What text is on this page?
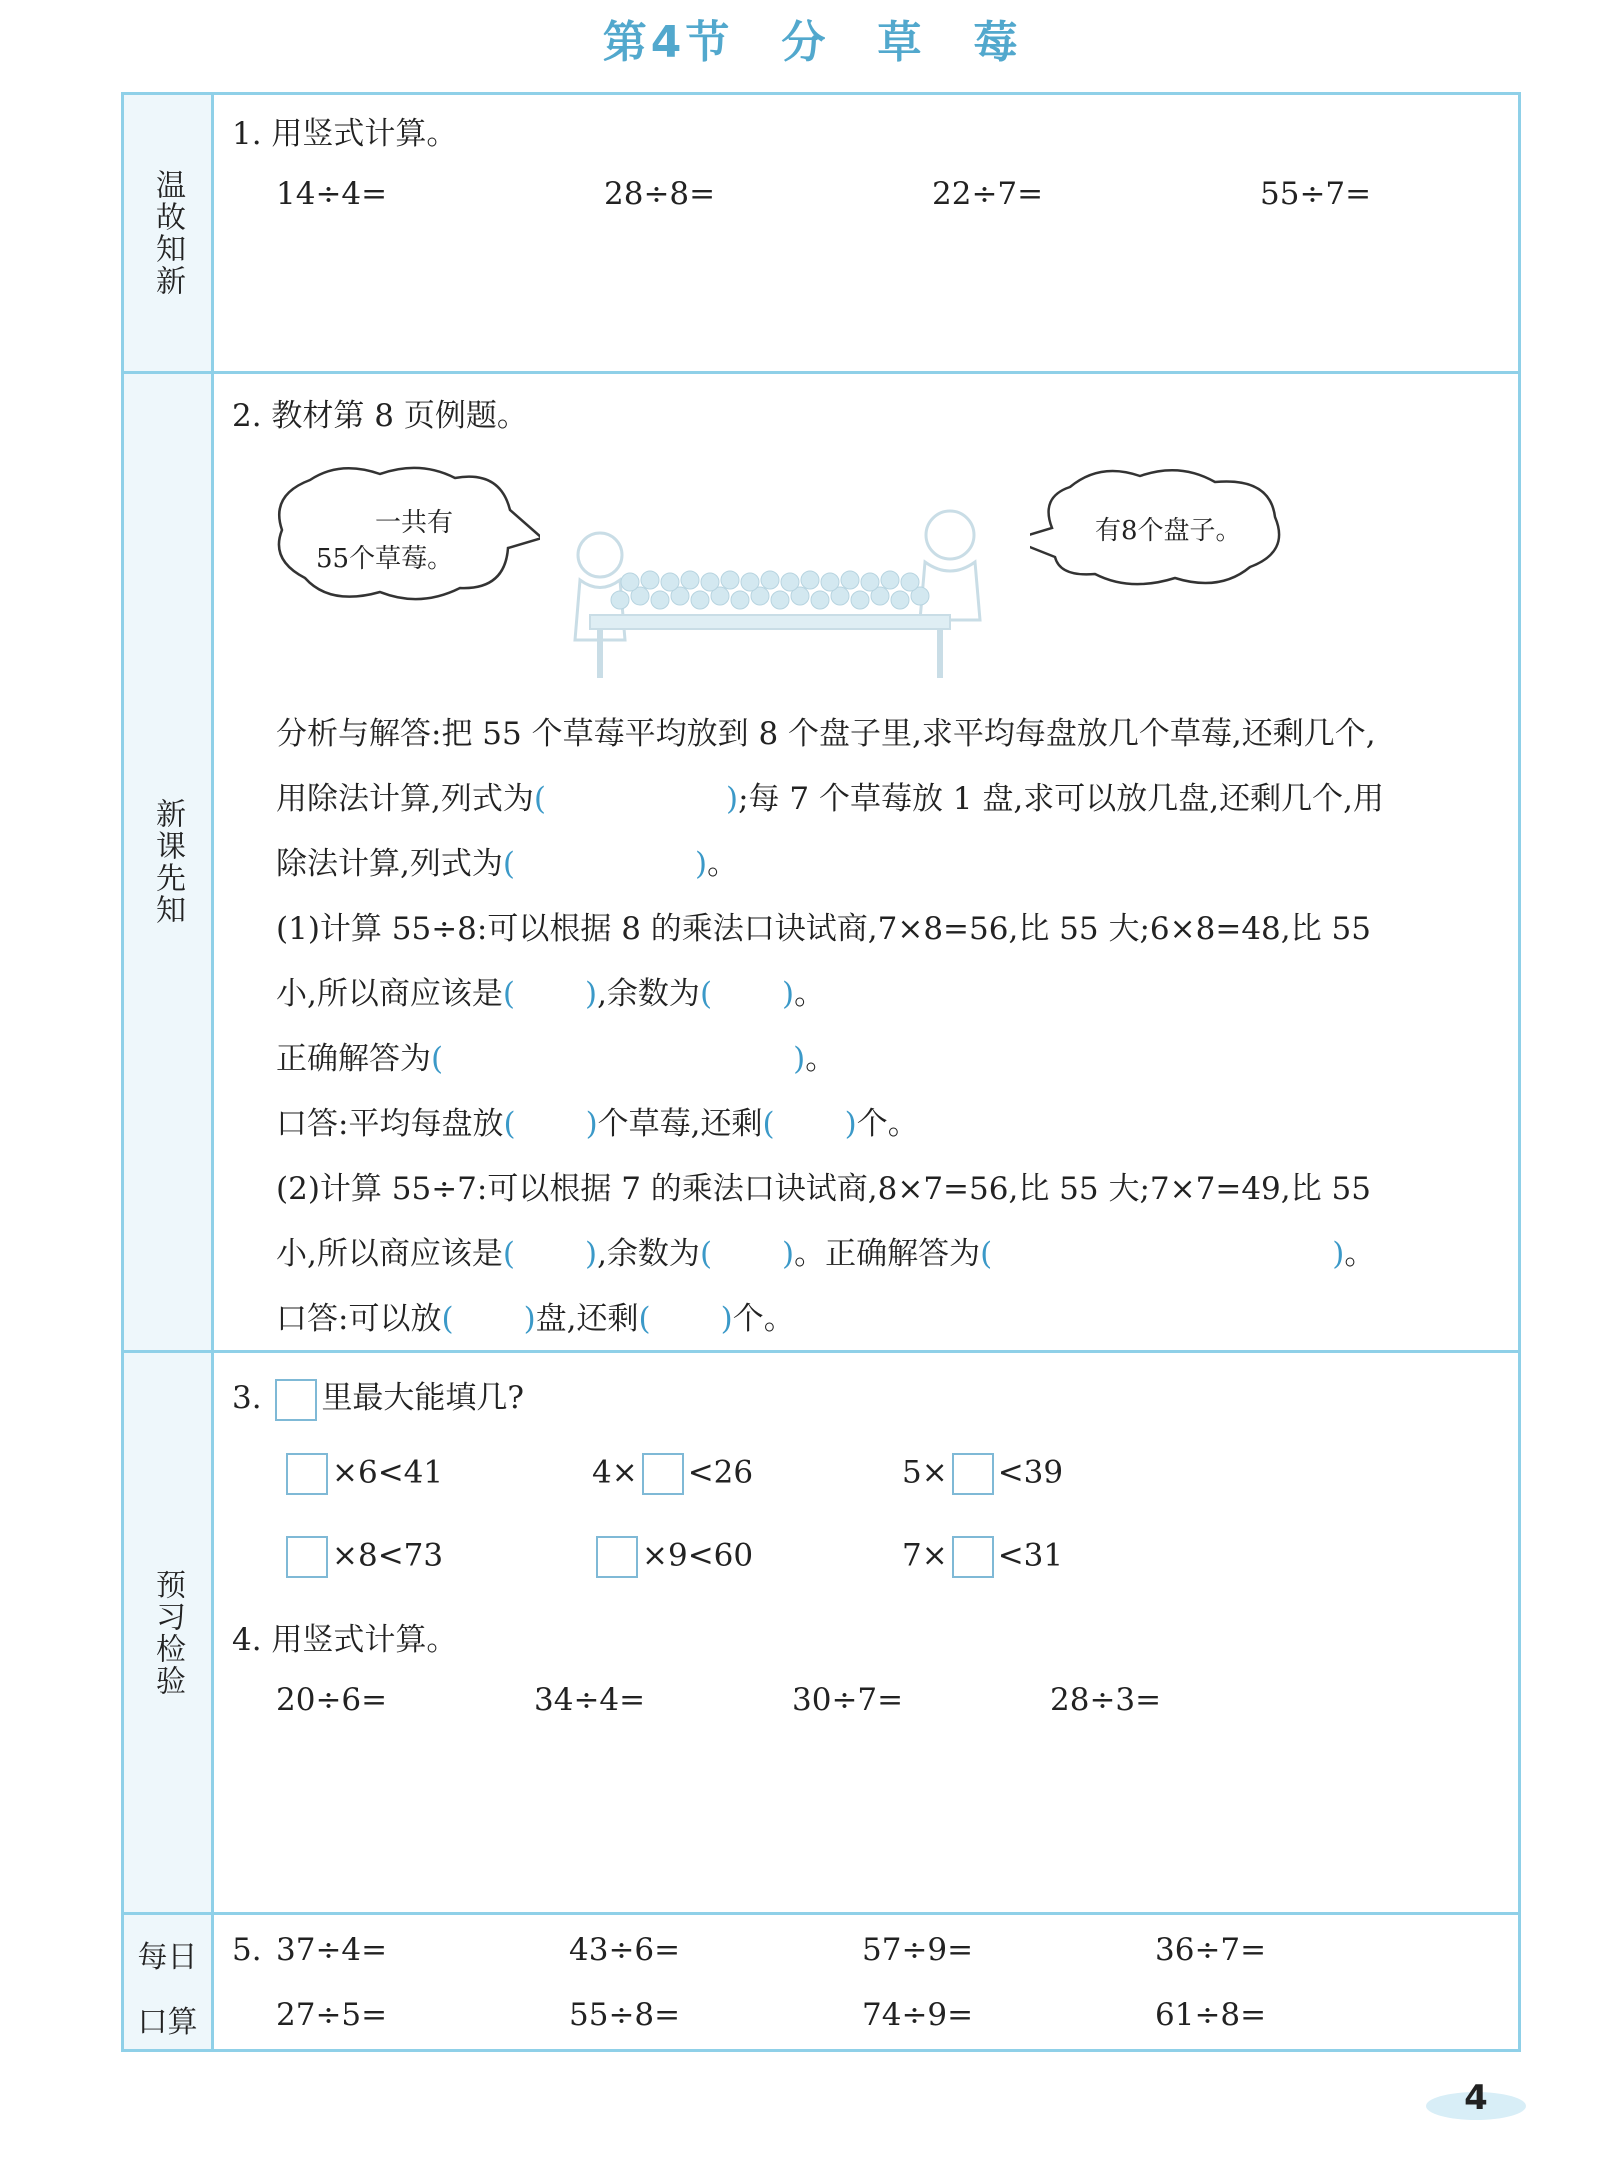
第4节 分 草 莓
温故知新
新课先知
预习检验
每日
口算
1. 用竖式计算。
14÷4=	28÷8=	22÷7=	55÷7=
2. 教材第 8 页例题。
一共有
55个草莓。
有8个盘子。
分析与解答:把 55 个草莓平均放到 8 个盘子里,求平均每盘放几个草莓,还剩几个,
用除法计算,列式为(	);每 7 个草莓放 1 盘,求可以放几盘,还剩几个,用
除法计算,列式为(	)。
(1)计算 55÷8:可以根据 8 的乘法口诀试商,7×8=56,比 55 大;6×8=48,比 55
小,所以商应该是( ),余数为( )。
正确解答为(	)。
口答:平均每盘放( )个草莓,还剩( )个。
(2)计算 55÷7:可以根据 7 的乘法口诀试商,8×7=56,比 55 大;7×7=49,比 55
小,所以商应该是( ),余数为( )。正确解答为(	)。
口答:可以放( )盘,还剩( )个。
3. 里最大能填几?
×6<41	4× <26	5× <39
×8<73	×9<60	7× <31
4. 用竖式计算。
20÷6=	34÷4=	30÷7=	28÷3=
5. 37÷4=	43÷6=	57÷9=	36÷7=
27÷5=	55÷8=	74÷9=	61÷8=
4
